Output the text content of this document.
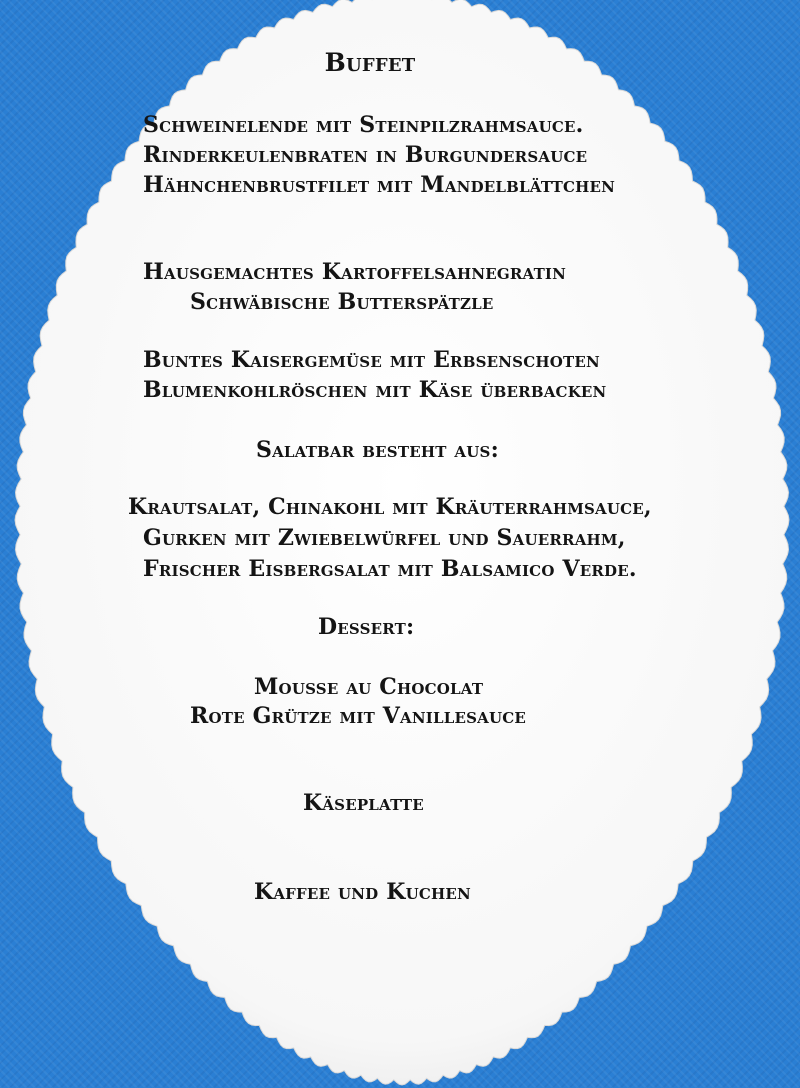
Buffet
Schweinelende mit Steinpilzrahmsauce.
Rinderkeulenbraten in Burgundersauce
Hähnchenbrustfilet mit Mandelblättchen
Hausgemachtes Kartoffelsahnegratin
Schwäbische Butterspätzle
Buntes Kaisergemüse mit Erbsenschoten
Blumenkohlröschen mit Käse überbacken
Salatbar besteht aus:
Krautsalat, Chinakohl mit Kräuterrahmsauce,
Gurken mit Zwiebelwürfel und Sauerrahm,
Frischer Eisbergsalat mit Balsamico Verde.
Dessert:
Mousse au Chocolat
Rote Grütze mit Vanillesauce
Käseplatte
Kaffee und Kuchen
